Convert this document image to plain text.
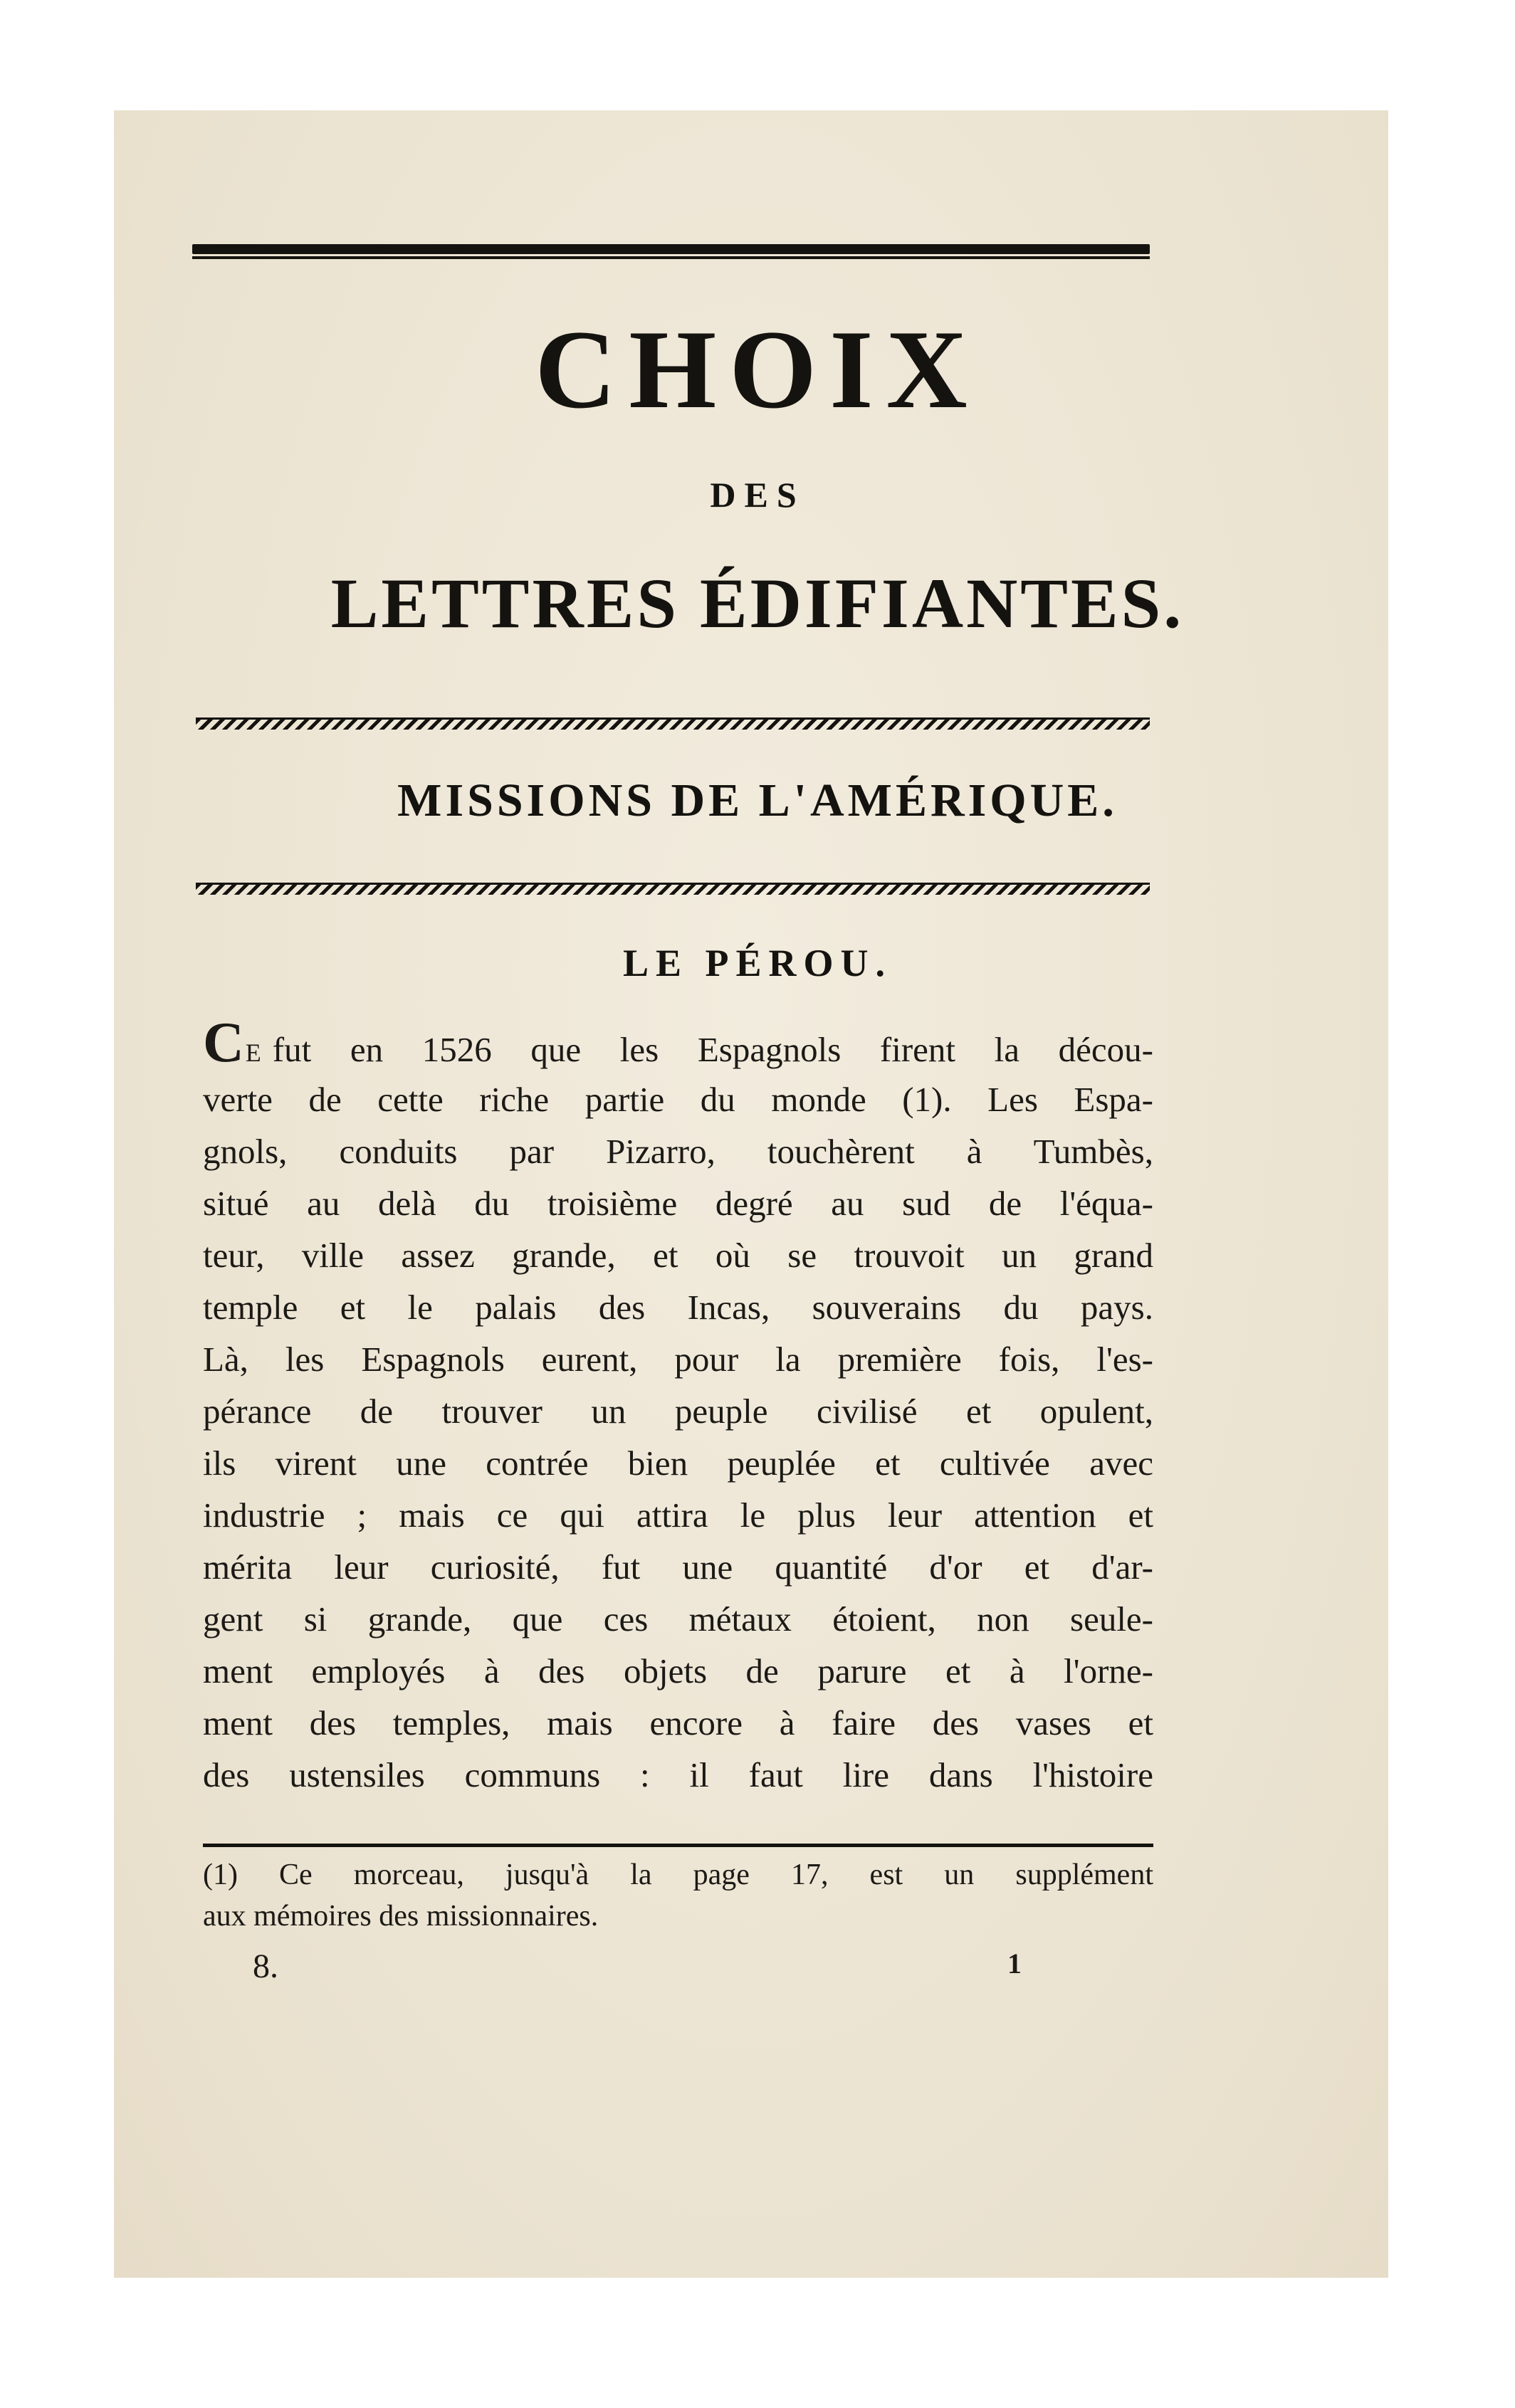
CHOIX
DES
LETTRES ÉDIFIANTES.
MISSIONS DE L'AMÉRIQUE.
LE PÉROU.
CE fut en 1526 que les Espagnols firent la décou-
verte de cette riche partie du monde (1). Les Espa-
gnols, conduits par Pizarro, touchèrent à Tumbès,
situé au delà du troisième degré au sud de l'équa-
teur, ville assez grande, et où se trouvoit un grand
temple et le palais des Incas, souverains du pays.
Là, les Espagnols eurent, pour la première fois, l'es-
pérance de trouver un peuple civilisé et opulent,
ils virent une contrée bien peuplée et cultivée avec
industrie ; mais ce qui attira le plus leur attention et
mérita leur curiosité, fut une quantité d'or et d'ar-
gent si grande, que ces métaux étoient, non seule-
ment employés à des objets de parure et à l'orne-
ment des temples, mais encore à faire des vases et
des ustensiles communs : il faut lire dans l'histoire
(1) Ce morceau, jusqu'à la page 17, est un supplément
aux mémoires des missionnaires.
8.	1
